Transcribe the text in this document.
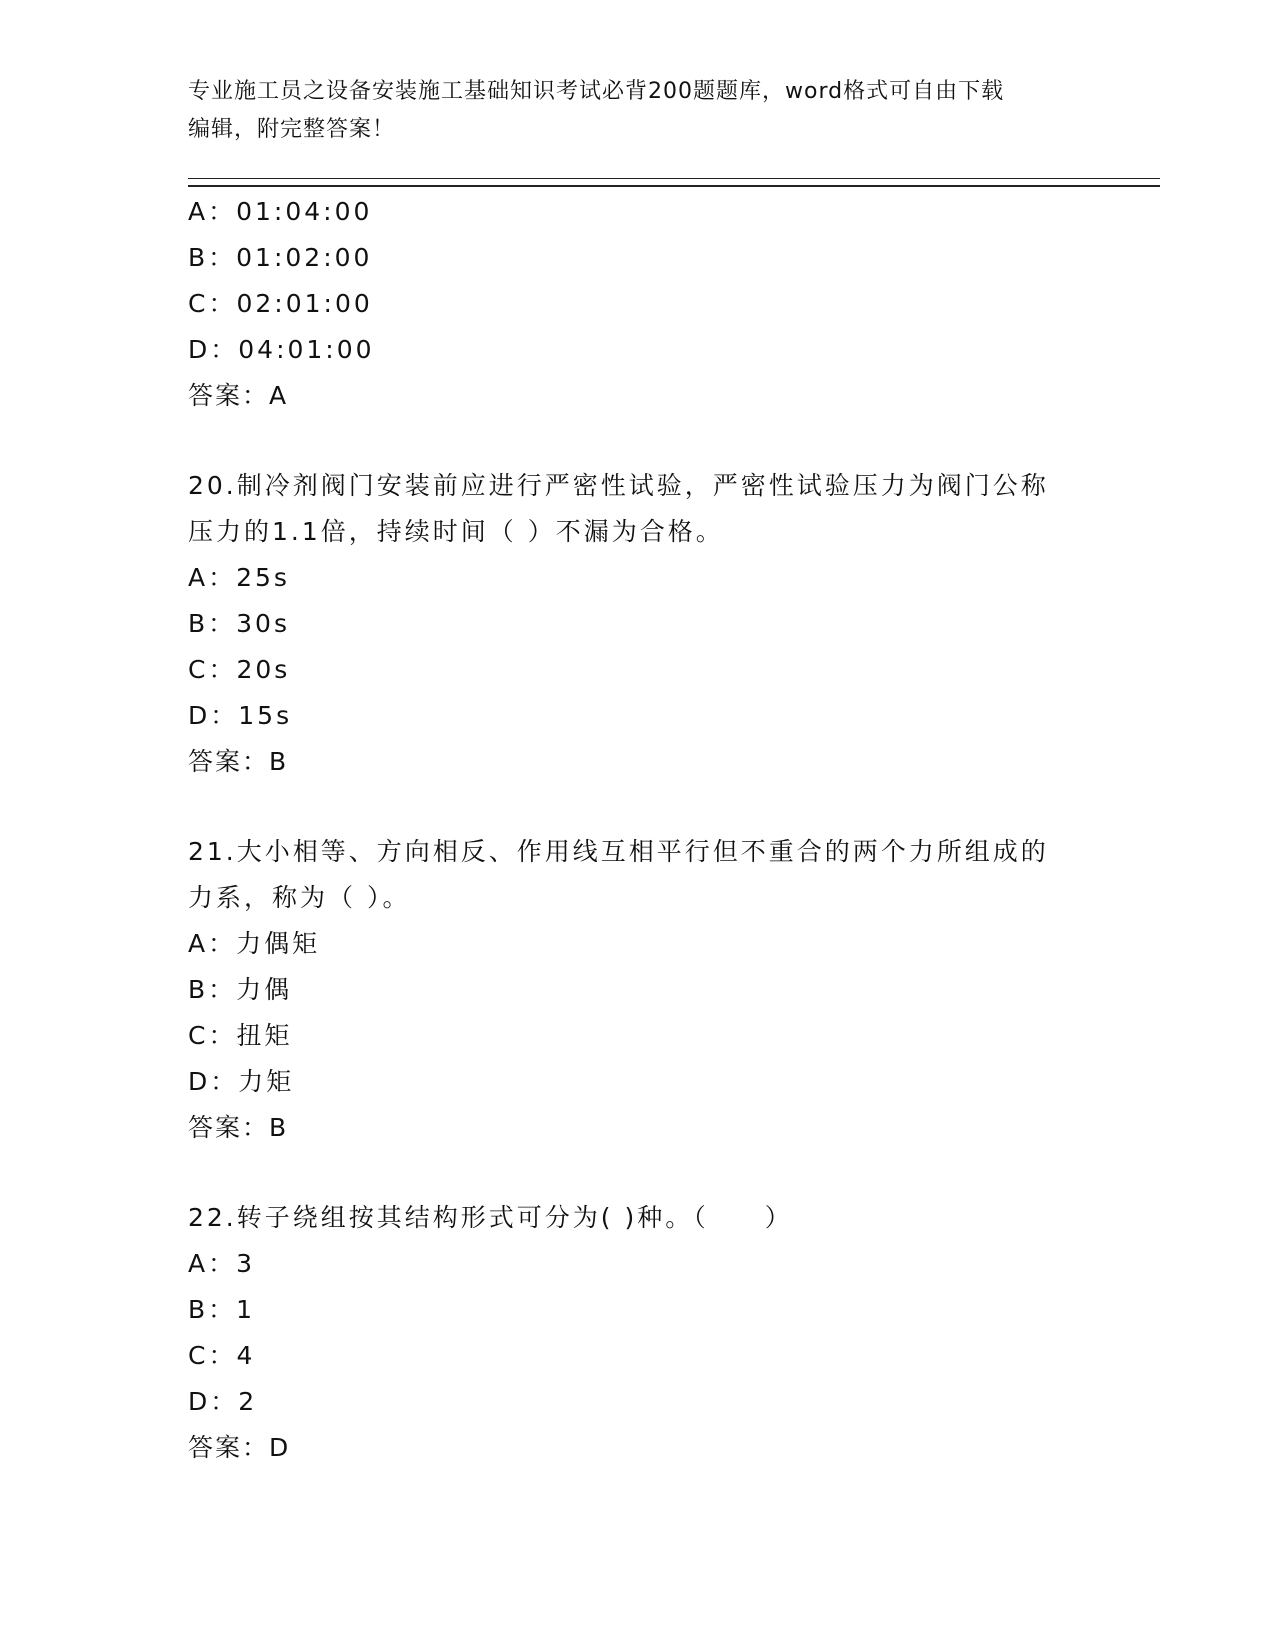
专业施工员之设备安装施工基础知识考试必背200题题库，word格式可自由下载
编辑，附完整答案！
A：01:04:00
B：01:02:00
C：02:01:00
D：04:01:00
答案：A
20.制冷剂阀门安装前应进行严密性试验，严密性试验压力为阀门公称
压力的1.1倍，持续时间（ ）不漏为合格。
A：25s
B：30s
C：20s
D：15s
答案：B
21.大小相等、方向相反、作用线互相平行但不重合的两个力所组成的
力系，称为（ ）。
A：力偶矩
B：力偶
C：扭矩
D：力矩
答案：B
22.转子绕组按其结构形式可分为( )种。（　　）
A：3
B：1
C：4
D：2
答案：D
